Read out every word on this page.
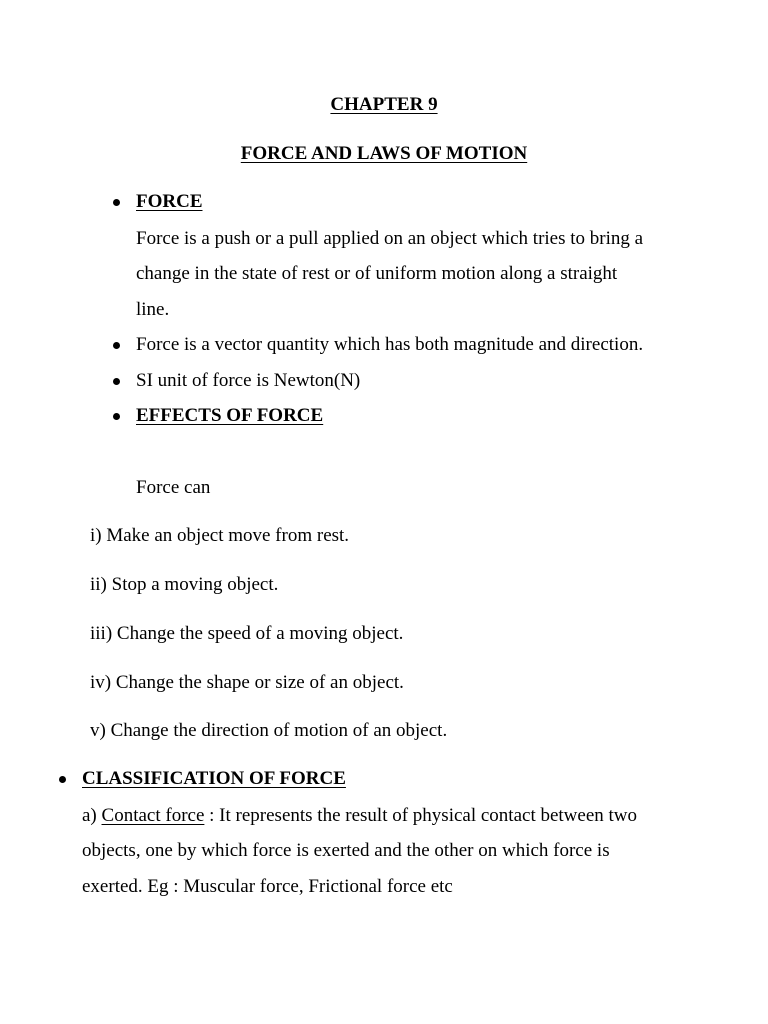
CHAPTER 9
FORCE AND LAWS OF MOTION
FORCE
Force is a push or a pull applied on an object which tries to bring a
change in the state of rest or of uniform motion along a straight
line.
Force is a vector quantity which has both magnitude and direction.
SI unit of force is Newton(N)
EFFECTS OF FORCE
Force can
i) Make an object move from rest.
ii) Stop a moving object.
iii) Change the speed of a moving object.
iv) Change the shape or size of an object.
v) Change the direction of motion of an object.
CLASSIFICATION OF FORCE
a) Contact force : It represents the result of physical contact between two
objects, one by which force is exerted and the other on which force is
exerted. Eg : Muscular force, Frictional force etc
